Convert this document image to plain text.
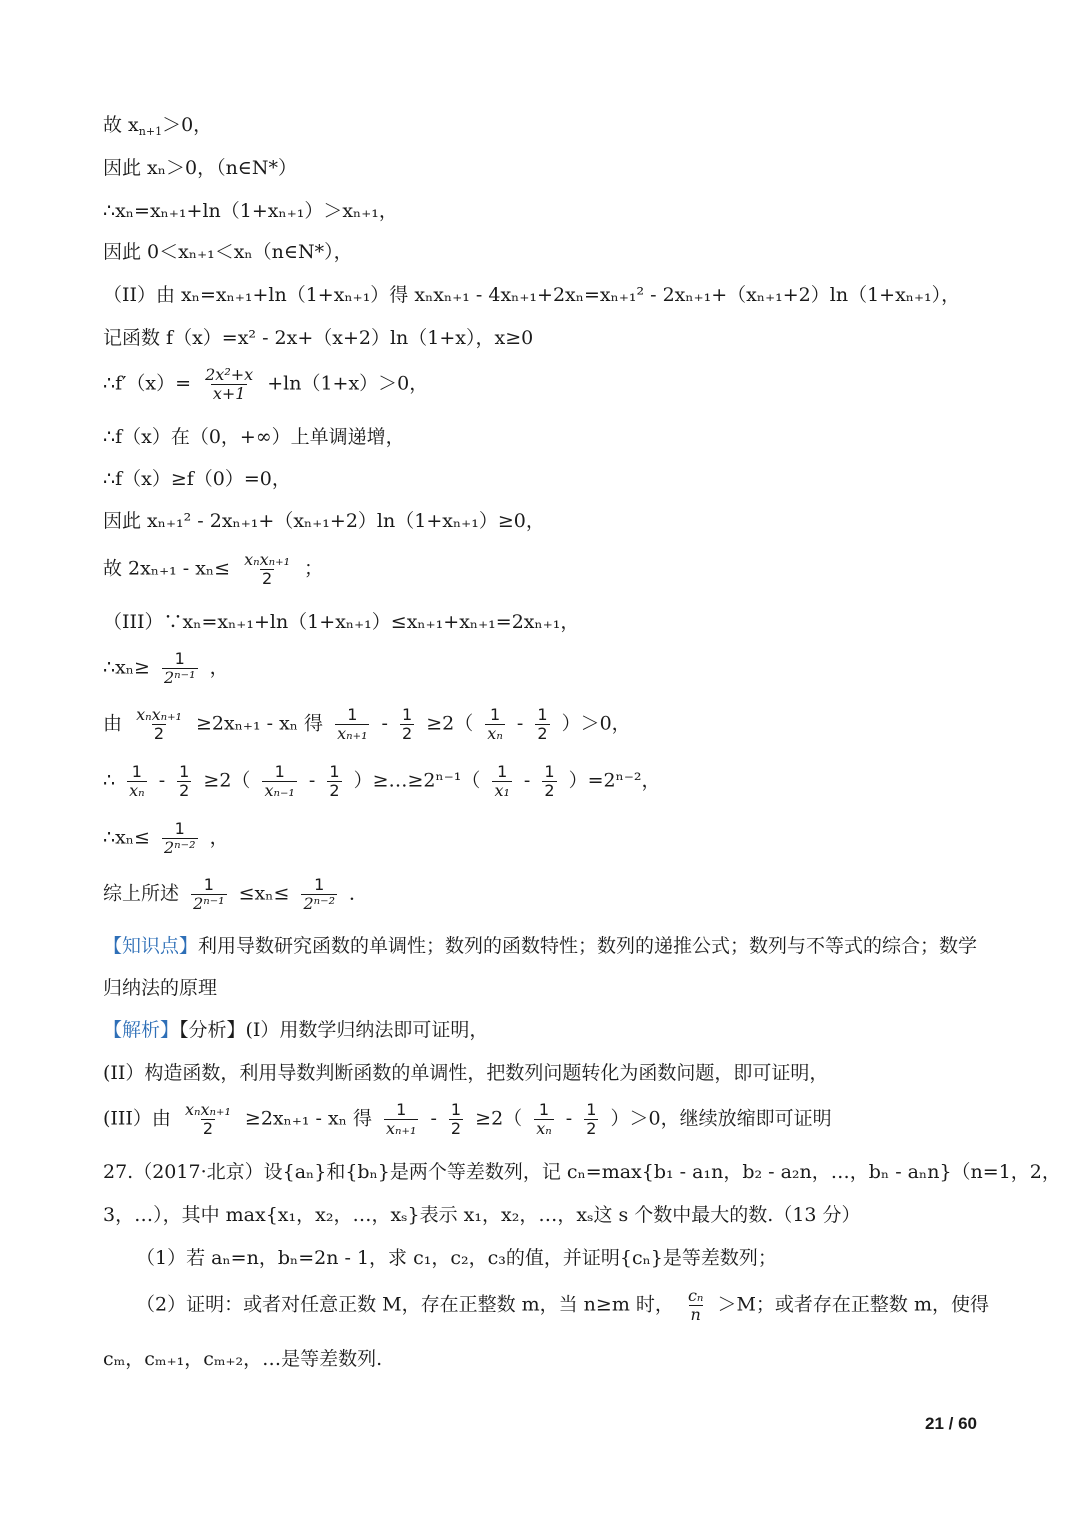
故 $x_{n+1}>0$，
因此 xₙ＞0，（n∈N*）
∴xₙ=xₙ₊₁+ln（1+xₙ₊₁）＞xₙ₊₁，
因此 0＜xₙ₊₁＜xₙ（n∈N*），
（II）由 xₙ=xₙ₊₁+ln（1+xₙ₊₁）得 xₙxₙ₊₁ - 4xₙ₊₁+2xₙ=xₙ₊₁² - 2xₙ₊₁+（xₙ₊₁+2）ln（1+xₙ₊₁），
记函数 f（x）=x² - 2x+（x+2）ln（1+x），x≥0
∴f′（x）= $\frac{\text{2x²+x}}{x+1} +\ln(1+x)>0$，
∴f（x）在（0，+∞）上单调递增，
∴f（x）≥f（0）=0，
因此 xₙ₊₁² - 2xₙ₊₁+（xₙ₊₁+2）ln（1+xₙ₊₁）≥0，
故 $2x_{n+1} - x_n\le \frac{\text{xₙxₙ₊₁}}{2}$ ；
（III）∵xₙ=xₙ₊₁+ln（1+xₙ₊₁）≤xₙ₊₁+xₙ₊₁=2xₙ₊₁，
∴xₙ≥ $\frac{1}{\text{2ⁿ⁻¹}}$ ，
由 $\frac{\text{xₙxₙ₊₁}}{2} \ge 2x_{n+1} - x_n$ 得 $\frac{1}{\text{xₙ₊₁}} - \frac{1}{2} \ge 2( \frac{1}{\text{xₙ}} - \frac{1}{2} )>0$，
∴ $\frac{1}{\text{xₙ}} - \frac{1}{2} \ge 2( \frac{1}{\text{xₙ₋₁}} - \frac{1}{2}$ ）≥…≥2ⁿ⁻¹（ $\frac{1}{\text{x₁}} - \frac{1}{2} )=2^{n-2}$，
∴xₙ≤ $\frac{1}{\text{2ⁿ⁻²}}$ ，
综上所述 $\frac{1}{\text{2ⁿ⁻¹}} \le x_n\le \frac{1}{\text{2ⁿ⁻²}}$ ．
【知识点】利用导数研究函数的单调性；数列的函数特性；数列的递推公式；数列与不等式的综合；数学
归纳法的原理
【解析】【分析】(I）用数学归纳法即可证明，
(II）构造函数，利用导数判断函数的单调性，把数列问题转化为函数问题，即可证明，
(III）由 $\frac{\text{xₙxₙ₊₁}}{2} \ge 2x_{n+1} - x_n$ 得 $\frac{1}{\text{xₙ₊₁}} - \frac{1}{2} \ge 2( \frac{1}{\text{xₙ}} - \frac{1}{2} )>0$，继续放缩即可证明
27.（2017·北京）设{aₙ}和{bₙ}是两个等差数列，记 cₙ=max{b₁ - a₁n，b₂ - a₂n，…，bₙ - aₙn}（n=1，2，
3，…），其中 max{x₁，x₂，…，xₛ}表示 x₁，x₂，…，xₛ这 s 个数中最大的数.（13 分）
（1）若 aₙ=n，bₙ=2n - 1，求 c₁，c₂，c₃的值，并证明{cₙ}是等差数列；
（2）证明：或者对任意正数 M，存在正整数 m，当 n≥m 时， $\frac{\text{cₙ}}{n} >M$；或者存在正整数 m，使得
cₘ，cₘ₊₁，cₘ₊₂，…是等差数列.
21 / 60
